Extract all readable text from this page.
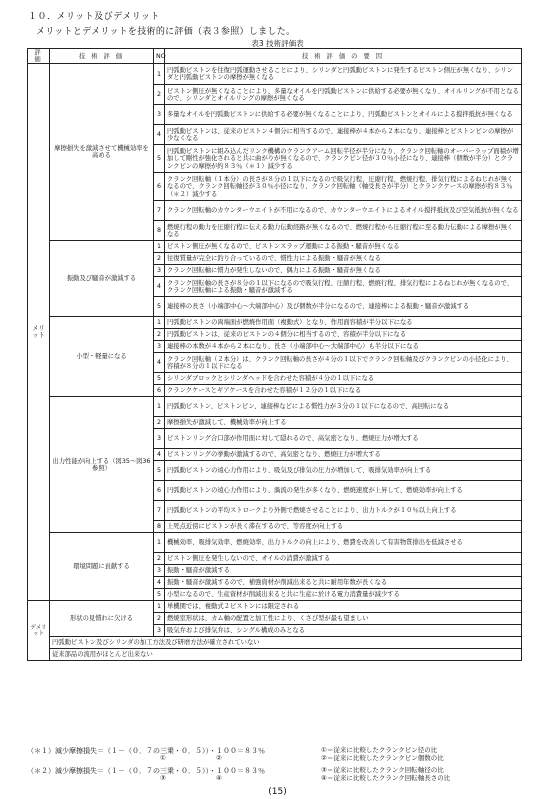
１０．メリット及びデメリット
メリットとデメリットを技術的に評価（表３参照）しました。
表3 技術評価表
評 価	技 術 評 価	NO	技 術 評 価 の 要 因
メリット	摩擦損失を激減させて機械効率を高める	1	円弧動ピストンを往復円弧運動させることにより、シリンダと円弧動ピストンに発生するピストン側圧が無くなり、シリンダと円弧動ピストンの摩擦が無くなる
		2	ピストン側圧が無くなることにより、多量なオイルを円弧動ピストンに供給する必要が無くなり、オイルリングが不用となるので、シリンダとオイルリングの摩擦が無くなる
		3	多量なオイルを円弧動ピストンに供給する必要が無くなることにより、円弧動ピストンとオイルによる撹拌抵抗が無くなる
		4	円弧動ピストンは、従来のピストン４個分に相当するので、連接棒が４本から２本になり、連接棒とピストンピンの摩擦が少なくなる
		5	円弧動ピストンに組み込んだリンク機構のクランクアーム回転半径が半分になり、クランク回転軸のオーバーラップ面積が増加して剛性が強化されると共に曲がりが無くなるので、クランクピン径が３０％小径になり、連接棒（個数が半分）とクランクピンの摩擦が約８３％（＊１）減少する
		6	クランク回転軸（１本分）の長さが８分の１以下になるので吸気行程、圧縮行程、燃焼行程、排気行程によるねじれが無くなるので、クランク回転軸径が３０％小径になり、クランク回転軸（軸受長さが半分）とクランクケースの摩擦が約８３％（＊２）減少する
		7	クランク回転軸のカウンターウエイトが不用になるので、カウンターウエイトによるオイル撹拌抵抗及び空気抵抗が無くなる
		8	燃焼行程の動力を圧縮行程に伝える動力伝動経路が無くなるので、燃焼行程から圧縮行程に至る動力伝動による摩擦が無くなる
	振動及び騒音が激減する	1	ピストン側圧が無くなるので、ピストンスラップ運動による振動・騒音が無くなる
		2	往復質量が完全に釣り合っているので、慣性力による振動・騒音が無くなる
		3	クランク回転軸に慣力が発生しないので、偶力による振動・騒音が無くなる
		4	クランク回転軸の長さが８分の１以下になるので吸気行程、圧縮行程、燃焼行程、排気行程によるねじれが無くなるので、クランク回転軸による振動・騒音が激減する
		5	連接棒の長さ（小端部中心～大端部中心）及び個数が半分になるので、連接棒による振動・騒音が激減する
	小型・軽量になる	1	円弧動ピストンの両端面が燃焼作用面（複動式）となり、作用面容積が半分以下になる
		2	円弧動ピストンは、従来のピストンの４個分に相当するので、容積が半分以下になる
		3	連接棒の本数が４本から２本になり、長さ（小端部中心～大端部中心）も半分以下になる
		4	クランク回転軸（２本分）は、クランク回転軸の長さが４分の１以下でクランク回転軸及びクランクピンの小径化により、容積が８分の１以下になる
		5	シリンダブロックとシリンダヘッドを合わせた容積が４分の１以下になる
		6	クランクケースとギアケースを合わせた容積が１２分の１以下になる
	出力性能が向上する（図35～図36参照）	1	円弧動ピストン、ピストンピン、連接棒などによる慣性力が３分の１以下になるので、高回転になる
		2	摩擦損失が激減して、機械効率が向上する
		3	ピストンリング合口部が作用面に対して隠れるので、高気密となり、燃焼圧力が増大する
		4	ピストンリングの挙動が激減するので、高気密となり、燃焼圧力が増大する
		5	円弧動ピストンの遠心力作用により、吸気及び排気の圧力が増加して、吸排気効率が向上する
		6	円弧動ピストンの遠心力作用により、渦流の発生が多くなり、燃焼速度が上昇して、燃焼効率が向上する
		7	円弧動ピストンの平均ストロークより外側で燃焼させることにより、出力トルクが１０％以上向上する
		8	上死点近傍にピストンが長く滞在するので、等容度が向上する
	環境問題に貢献する	1	機械効率、吸排気効率、燃焼効率、出力トルクの向上により、燃費を改善して有害物質排出を低減させる
		2	ピストン側圧を発生しないので、オイルの消費が激減する
		3	振動・騒音が激減する
		4	振動・騒音が激減するので、補強資材が削減出来ると共に耐用年数が長くなる
		5	小型になるので、生産資材が削減出来ると共に生産に於ける電力消費量が減少する
デメリット	形状の見慣れに欠ける	1	単機関では、複動式２ピストンには限定される
		2	燃焼室形状は、カム軸の配置と加工性により、くさび型が最も望ましい
		3	吸気弁および排気弁は、シングル構成のみとなる
	円弧動ピストン及びシリンダの加工方法及び研磨方法が確立されていない		
	従来部品の流用がほとんど出来ない		
（＊１） 減少摩擦損失＝（１－（０．７の三乗・０．５））・１００＝８３％
①	②
①＝従来に比較したクランクピン径の比
②＝従来に比較したクランクピン個数の比
（＊２） 減少摩擦損失＝（１－（０．７の三乗・０．５））・１００＝８３％
③	④
③＝従来に比較したクランク回転軸径の比
④＝従来に比較したクランク回転軸長さの比
(15)
